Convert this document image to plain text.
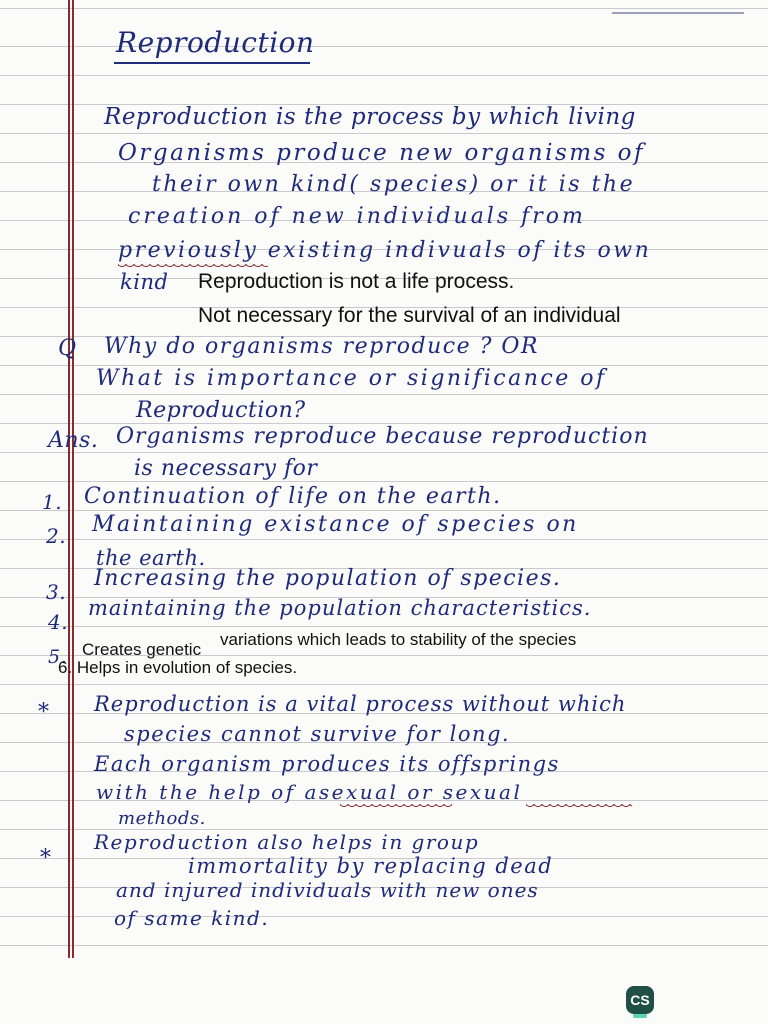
Reproduction
Reproduction is the process by which living
Organisms produce new organisms of
their own kind( species) or it is the
creation of new individuals from
previously existing indivuals of its own
kind Reproduction is not a life process.
Not necessary for the survival of an individual
Q Why do organisms reproduce ? OR
What is importance or significance of
Reproduction?
Ans. Organisms reproduce because reproduction
is necessary for
1. Continuation of life on the earth.
2. Maintaining existance of species on
the earth.
3.
Increasing the population of species.
4.
maintaining the population characteristics.
5. Creates genetic
variations which leads to stability of the species
6. Helps in evolution of species.
* Reproduction is a vital process without which
species cannot survive for long.
Each organism produces its offsprings
with the help of asexual or sexual
methods.
*
Reproduction also helps in group
immortality by replacing dead
and injured individuals with new ones
of same kind.
CS
